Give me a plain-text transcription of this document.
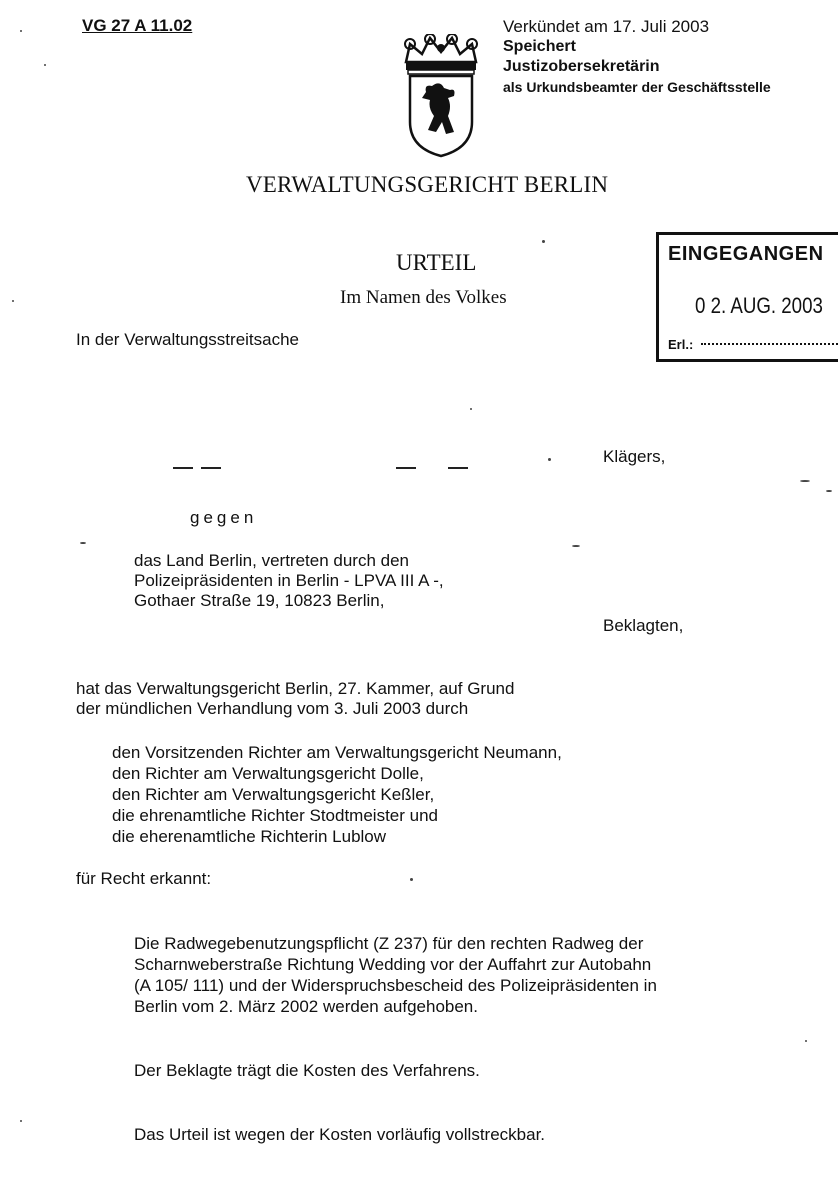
VG 27 A 11.02	Verkündet am 17. Juli 2003
Speichert
Justizobersekretärin
als Urkundsbeamter der Geschäftsstelle
VERWALTUNGSGERICHT BERLIN
URTEIL
Im Namen des Volkes
EINGEGANGEN
0 2. AUG. 2003
Erl.:
In der Verwaltungsstreitsache
Klägers,
gegen
das Land Berlin, vertreten durch den
Polizeipräsidenten in Berlin - LPVA III A -,
Gothaer Straße 19, 10823 Berlin,
Beklagten,
hat das Verwaltungsgericht Berlin, 27. Kammer, auf Grund
der mündlichen Verhandlung vom 3. Juli 2003 durch
den Vorsitzenden Richter am Verwaltungsgericht Neumann,
den Richter am Verwaltungsgericht Dolle,
den Richter am Verwaltungsgericht Keßler,
die ehrenamtliche Richter Stodtmeister und
die eherenamtliche Richterin Lublow
für Recht erkannt:
Die Radwegebenutzungspflicht (Z 237) für den rechten Radweg der
Scharnweberstraße Richtung Wedding vor der Auffahrt zur Autobahn
(A 105/ 111) und der Widerspruchsbescheid des Polizeipräsidenten in
Berlin vom 2. März 2002 werden aufgehoben.
Der Beklagte trägt die Kosten des Verfahrens.
Das Urteil ist wegen der Kosten vorläufig vollstreckbar.
